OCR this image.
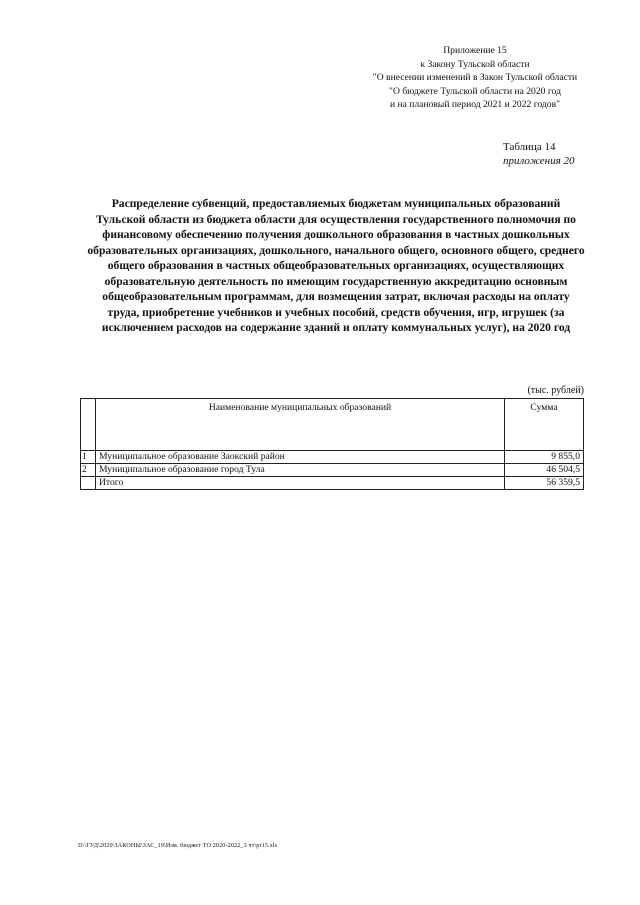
Приложение 15
к Закону Тульской области
"О внесении изменений в Закон Тульской области
"О бюджете Тульской области на 2020 год
и на плановый период 2021 и 2022 годов"
Таблица 14
приложения 20
Распределение субвенций, предоставляемых бюджетам муниципальных образований Тульской области из бюджета области для осуществления государственного полномочия по финансовому обеспечению получения дошкольного образования в частных дошкольных образовательных организациях, дошкольного, начального общего, основного общего, среднего общего образования в частных общеобразовательных организациях, осуществляющих образовательную деятельность по имеющим государственную аккредитацию основным общеобразовательным программам, для возмещения затрат, включая расходы на оплату труда, приобретение учебников и учебных пособий, средств обучения, игр, игрушек (за исключением расходов на содержание зданий и оплату коммунальных услуг), на 2020 год
(тыс. рублей)
	Наименование муниципальных образований	Сумма
1	Муниципальное образование Заокский район	9 855,0
2	Муниципальное образование город Тула	46 504,5
	Итого	56 359,5
D:\ГУД\2020\ЗАКОНЫ\ЗАС_19\Изм. бюджет ТО 2020-2022_3 чт\pr15.xls
